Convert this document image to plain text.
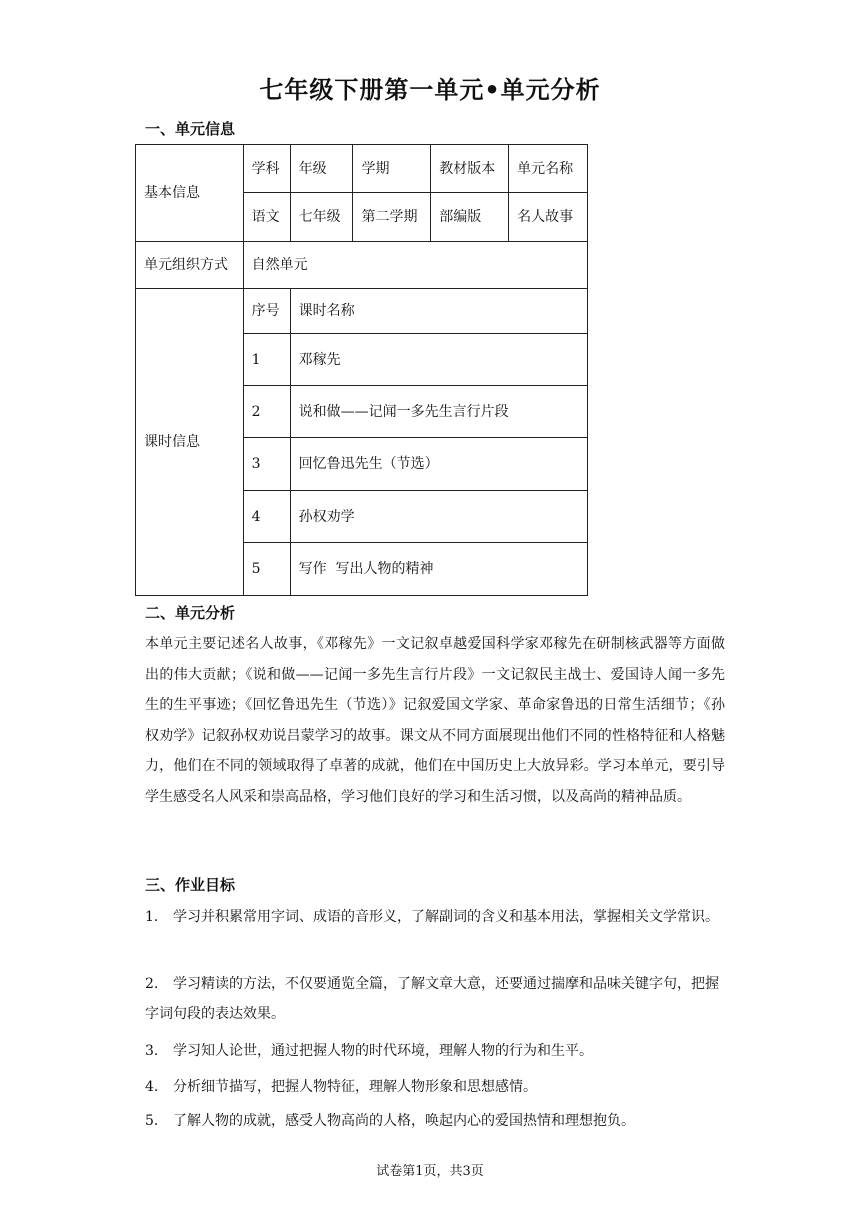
七年级下册第一单元•单元分析
一、单元信息
基本信息	学科	年级	学期	教材版本	单元名称
	语文	七年级	第二学期	部编版	名人故事
单元组织方式	自然单元				
课时信息	序号	课时名称			
	1	邓稼先			
	2	说和做——记闻一多先生言行片段			
	3	回忆鲁迅先生（节选）			
	4	孙权劝学			
	5	写作  写出人物的精神			
二、单元分析

本单元主要记述名人故事，《邓稼先》一文记叙卓越爱国科学家邓稼先在研制核武器等方面做出的伟大贡献；《说和做——记闻一多先生言行片段》一文记叙民主战士、爱国诗人闻一多先生的生平事迹；《回忆鲁迅先生（节选）》记叙爱国文学家、革命家鲁迅的日常生活细节；《孙权劝学》记叙孙权劝说吕蒙学习的故事。课文从不同方面展现出他们不同的性格特征和人格魅力，他们在不同的领域取得了卓著的成就，他们在中国历史上大放异彩。学习本单元，要引导学生感受名人风采和崇高品格，学习他们良好的学习和生活习惯，以及高尚的精神品质。

三、作业目标

1. 学习并积累常用字词、成语的音形义，了解副词的含义和基本用法，掌握相关文学常识。

2. 学习精读的方法，不仅要通览全篇，了解文章大意，还要通过揣摩和品味关键字句，把握字词句段的表达效果。

3. 学习知人论世，通过把握人物的时代环境，理解人物的行为和生平。

4. 分析细节描写，把握人物特征，理解人物形象和思想感情。

5. 了解人物的成就，感受人物高尚的人格，唤起内心的爱国热情和理想抱负。

试卷第1页，共3页
